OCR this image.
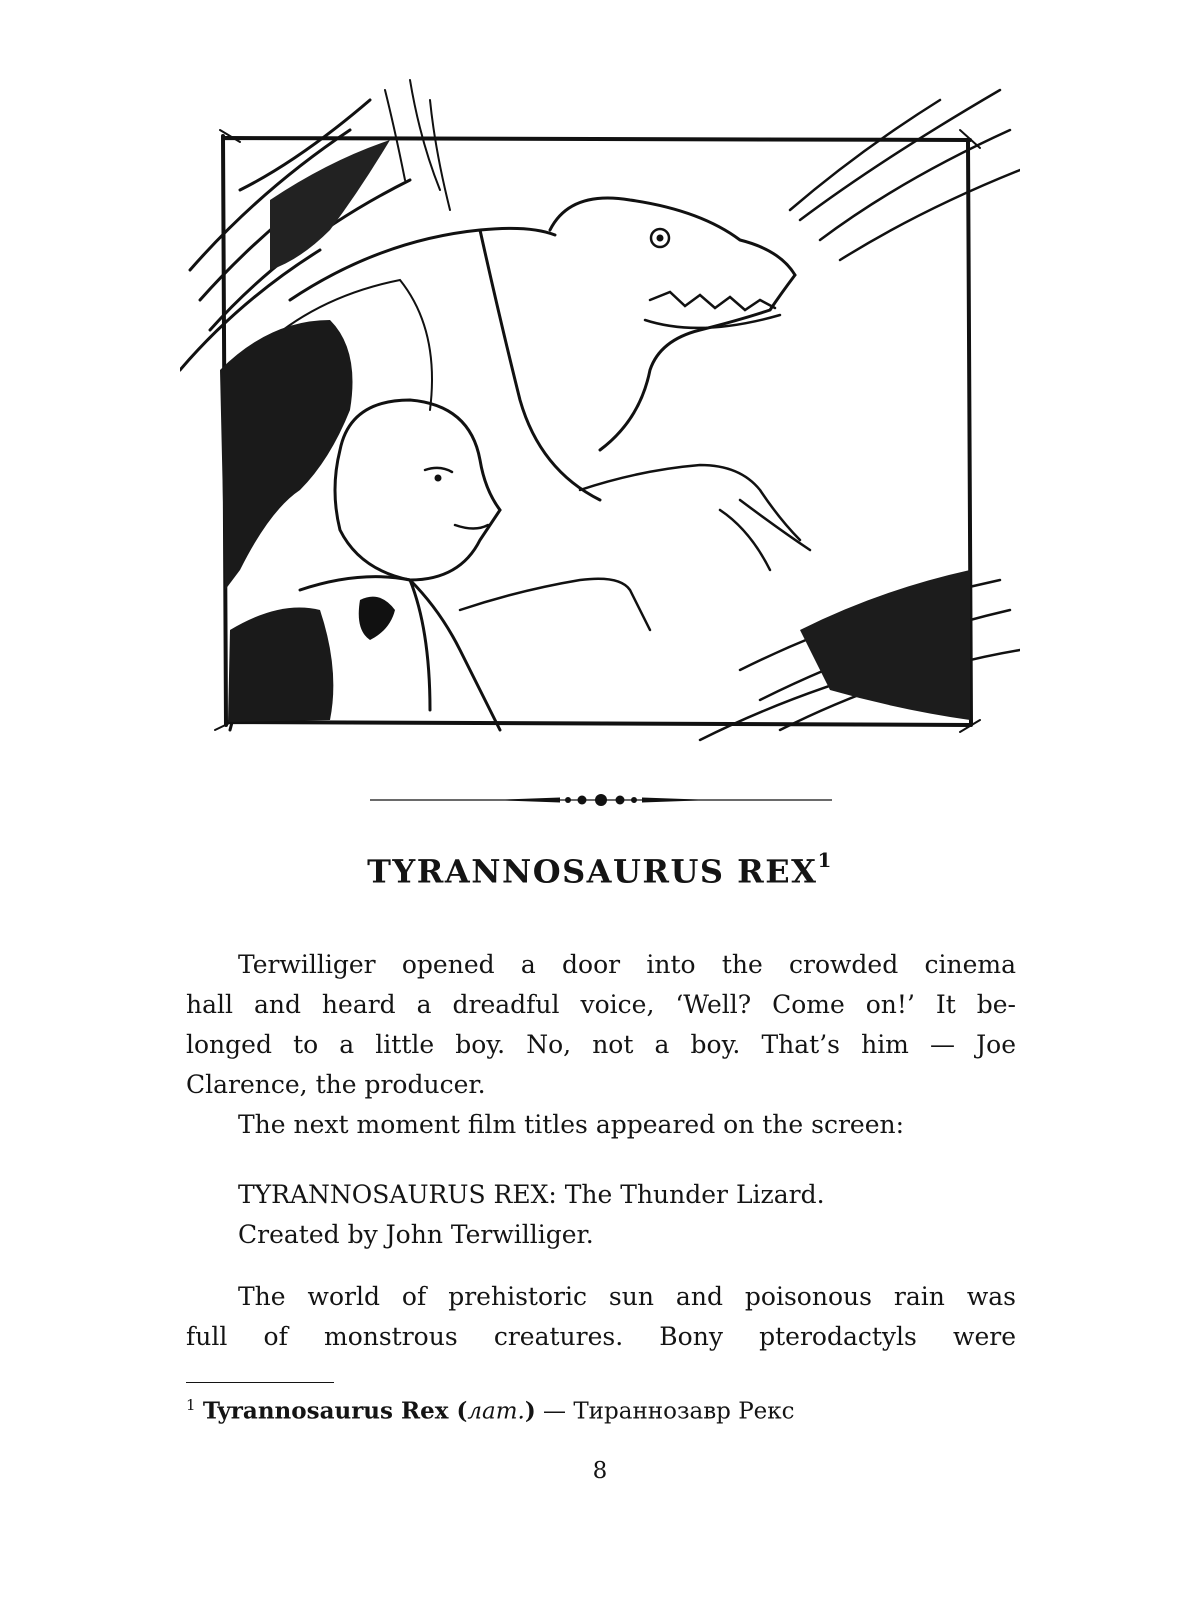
TYRANNOSAURUS REX$^1$
Terwilliger opened a door into the crowded cinema
hall and heard a dreadful voice, ‘Well? Come on!’ It be-
longed to a little boy. No, not a boy. That’s him — Joe
Clarence, the producer.
The next moment film titles appeared on the screen:
TYRANNOSAURUS REX: The Thunder Lizard.
Created by John Terwilliger.
The world of prehistoric sun and poisonous rain was
full of monstrous creatures. Bony pterodactyls were

$^1$ Tyrannosaurus Rex (лат.) — Тираннозавр Рекс

8
